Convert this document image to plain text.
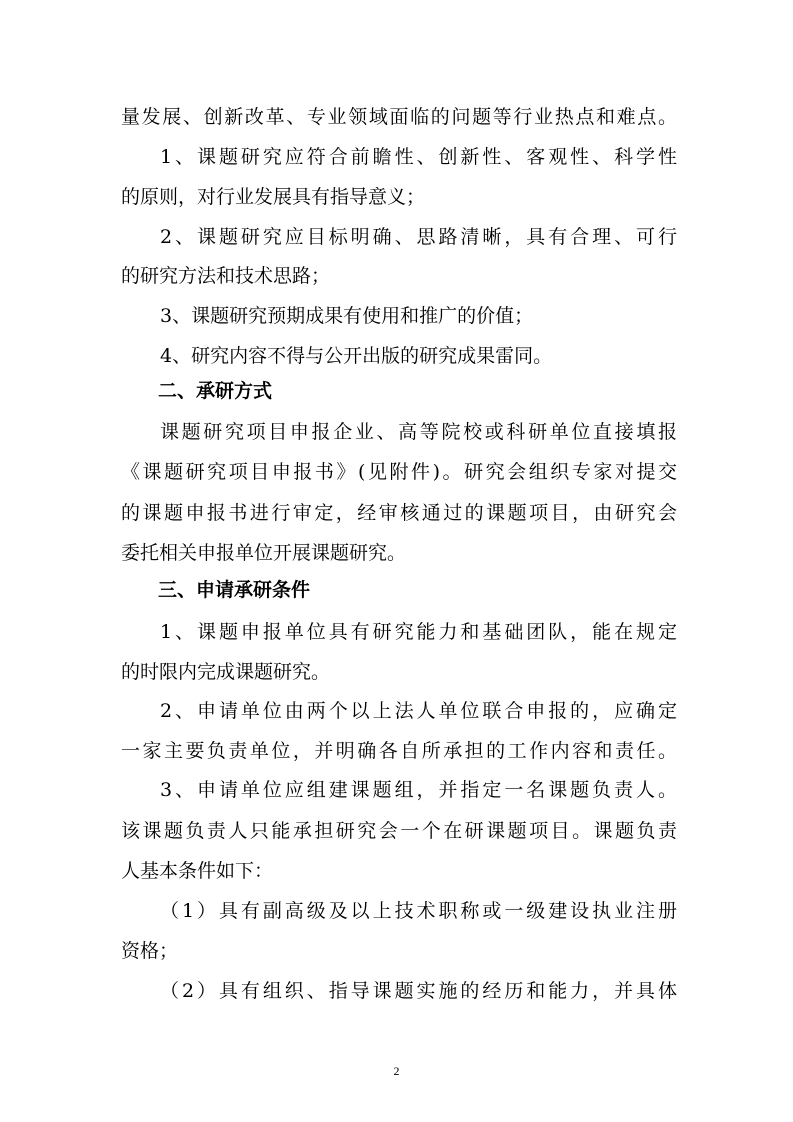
量发展、创新改革、专业领域面临的问题等行业热点和难点。
1、课题研究应符合前瞻性、创新性、客观性、科学性
的原则，对行业发展具有指导意义；
2、课题研究应目标明确、思路清晰，具有合理、可行
的研究方法和技术思路；
3、课题研究预期成果有使用和推广的价值；
4、研究内容不得与公开出版的研究成果雷同。
二、承研方式
课题研究项目申报企业、高等院校或科研单位直接填报
《课题研究项目申报书》(见附件)。研究会组织专家对提交
的课题申报书进行审定，经审核通过的课题项目，由研究会
委托相关申报单位开展课题研究。
三、申请承研条件
1、课题申报单位具有研究能力和基础团队，能在规定
的时限内完成课题研究。
2、申请单位由两个以上法人单位联合申报的，应确定
一家主要负责单位，并明确各自所承担的工作内容和责任。
3、申请单位应组建课题组，并指定一名课题负责人。
该课题负责人只能承担研究会一个在研课题项目。课题负责
人基本条件如下：
（1）具有副高级及以上技术职称或一级建设执业注册
资格；
（2）具有组织、指导课题实施的经历和能力，并具体
2
